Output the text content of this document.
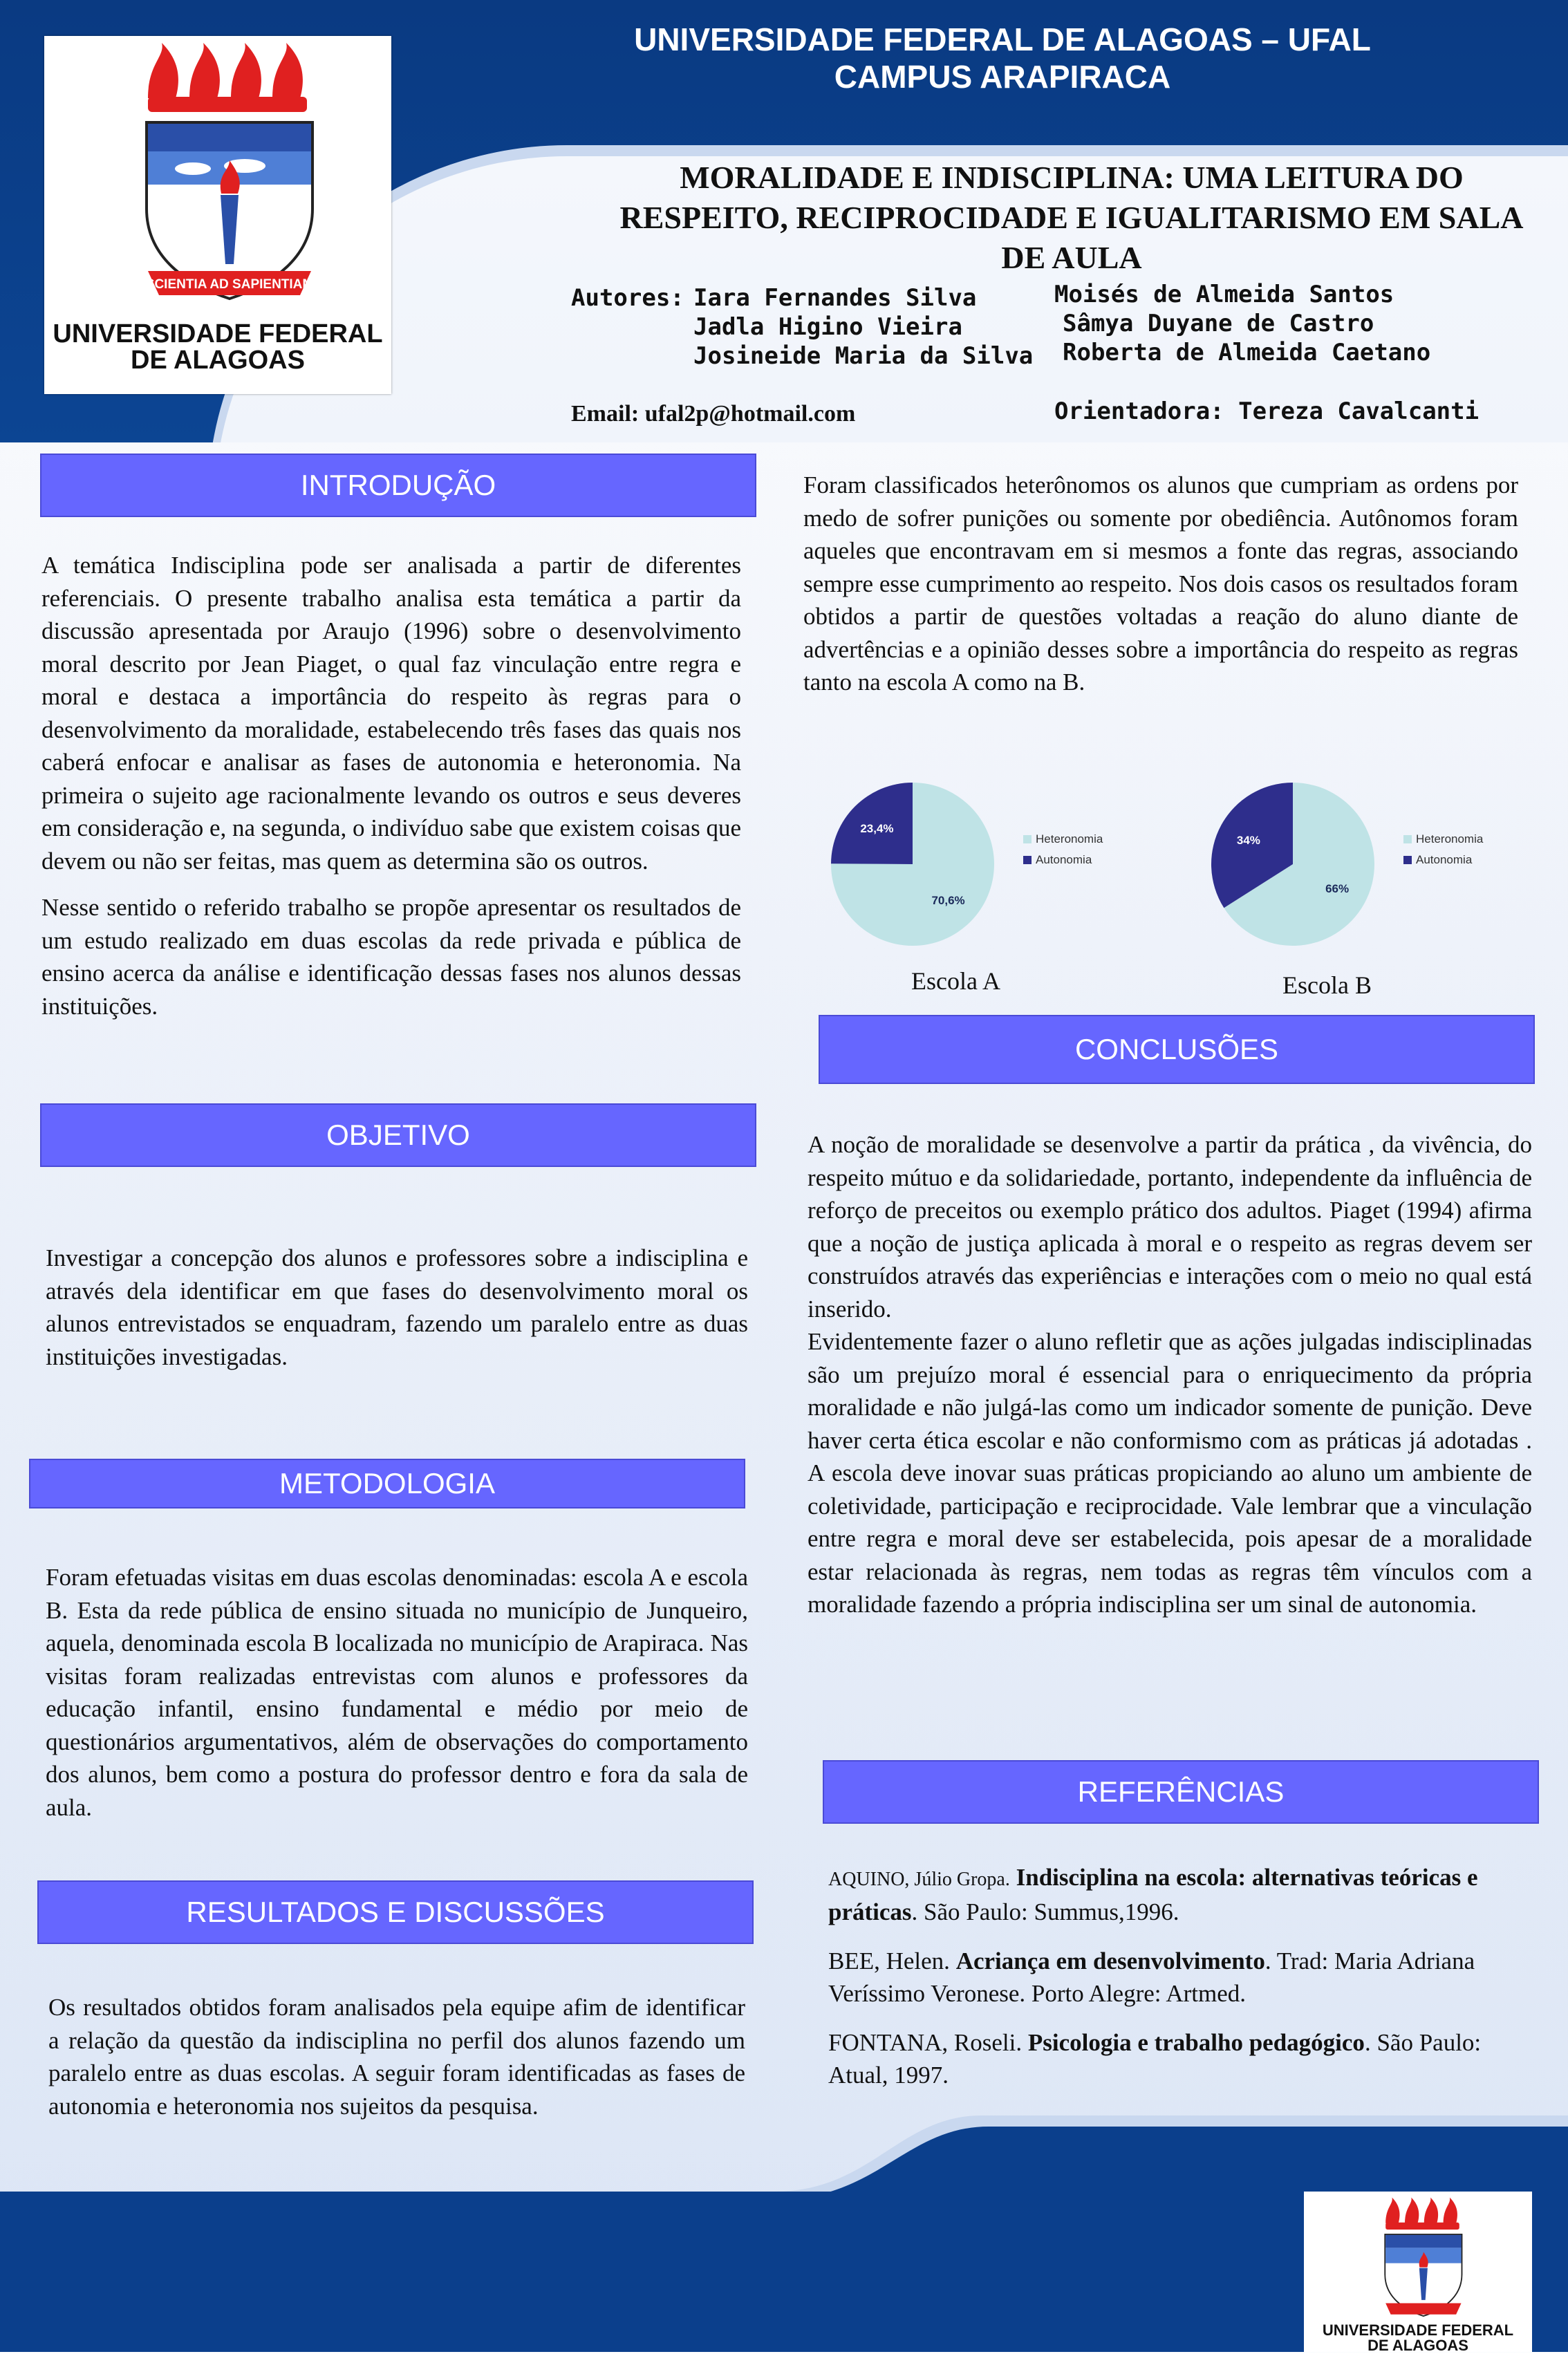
SCIENTIA AD SAPIENTIAM
UNIVERSIDADE FEDERAL
DE ALAGOAS
UNIVERSIDADE FEDERAL DE ALAGOAS – UFAL
CAMPUS ARAPIRACA
MORALIDADE E INDISCIPLINA: UMA LEITURA DO
RESPEITO, RECIPROCIDADE E IGUALITARISMO EM SALA
DE AULA
Autores: Iara Fernandes Silva
Jadla Higino Vieira
Josineide Maria da Silva
Moisés de Almeida Santos
Sâmya Duyane de Castro
Roberta de Almeida Caetano
Email: ufal2p@hotmail.com	Orientadora: Tereza Cavalcanti
INTRODUÇÃO

A temática Indisciplina pode ser analisada a partir de diferentes referenciais. O presente trabalho analisa esta temática a partir da discussão apresentada por Araujo (1996) sobre o desenvolvimento moral descrito por Jean Piaget, o qual faz vinculação entre regra e moral e destaca a importância do respeito às regras para o desenvolvimento da moralidade, estabelecendo três fases das quais nos caberá enfocar e analisar as fases de autonomia e heteronomia. Na primeira o sujeito age racionalmente levando os outros e seus deveres em consideração e, na segunda, o indivíduo sabe que existem coisas que devem ou não ser feitas, mas quem as determina são os outros.

Nesse sentido o referido trabalho se propõe apresentar os resultados de um estudo realizado em duas escolas da rede privada e pública de ensino acerca da análise e identificação dessas fases nos alunos dessas instituições.

OBJETIVO

Investigar a concepção dos alunos e professores sobre a indisciplina e através dela identificar em que fases do desenvolvimento moral os alunos entrevistados se enquadram, fazendo um paralelo entre as duas instituições investigadas.

METODOLOGIA

Foram efetuadas visitas em duas escolas denominadas: escola A e escola B. Esta da rede pública de ensino situada no município de Junqueiro, aquela, denominada escola B localizada no município de Arapiraca. Nas visitas foram realizadas entrevistas com alunos e professores da educação infantil, ensino fundamental e médio por meio de questionários argumentativos, além de observações do comportamento dos alunos, bem como a postura do professor dentro e fora da sala de aula.

RESULTADOS E DISCUSSÕES

Os resultados obtidos foram analisados pela equipe afim de identificar a relação da questão da indisciplina no perfil dos alunos fazendo um paralelo entre as duas escolas. A seguir foram identificadas as fases de autonomia e heteronomia nos sujeitos da pesquisa.

Foram classificados heterônomos os alunos que cumpriam as ordens por medo de sofrer punições ou somente por obediência. Autônomos foram aqueles que encontravam em si mesmos a fonte das regras, associando sempre esse cumprimento ao respeito. Nos dois casos os resultados foram obtidos a partir de questões voltadas a reação do aluno diante de advertências e a opinião desses sobre a importância do respeito as regras tanto na escola A como na B.

70,6%
23,4%
Heteronomia
Autonomia
66%
34%	Heteronomia
Autonomia
Escola A	Escola B
CONCLUSÕES

A noção de moralidade se desenvolve a partir da prática , da vivência, do respeito mútuo e da solidariedade, portanto, independente da influência de reforço de preceitos ou exemplo prático dos adultos. Piaget (1994) afirma que a noção de justiça aplicada à moral e o respeito as regras devem ser construídos através das experiências e interações com o meio no qual está inserido.

Evidentemente fazer o aluno refletir que as ações julgadas indisciplinadas são um prejuízo moral é essencial para o enriquecimento da própria moralidade e não julgá-las como um indicador somente de punição. Deve haver certa ética escolar e não conformismo com as práticas já adotadas . A escola deve inovar suas práticas propiciando ao aluno um ambiente de coletividade, participação e reciprocidade. Vale lembrar que a vinculação entre regra e moral deve ser estabelecida, pois apesar de a moralidade estar relacionada às regras, nem todas as regras têm vínculos com a moralidade fazendo a própria indisciplina ser um sinal de autonomia.

REFERÊNCIAS

AQUINO, Júlio Gropa. Indisciplina na escola: alternativas teóricas e práticas. São Paulo: Summus,1996.

BEE, Helen. Acriança em desenvolvimento. Trad: Maria Adriana Veríssimo Veronese. Porto Alegre: Artmed.

FONTANA, Roseli. Psicologia e trabalho pedagógico. São Paulo: Atual, 1997.

UNIVERSIDADE FEDERAL
DE ALAGOAS
